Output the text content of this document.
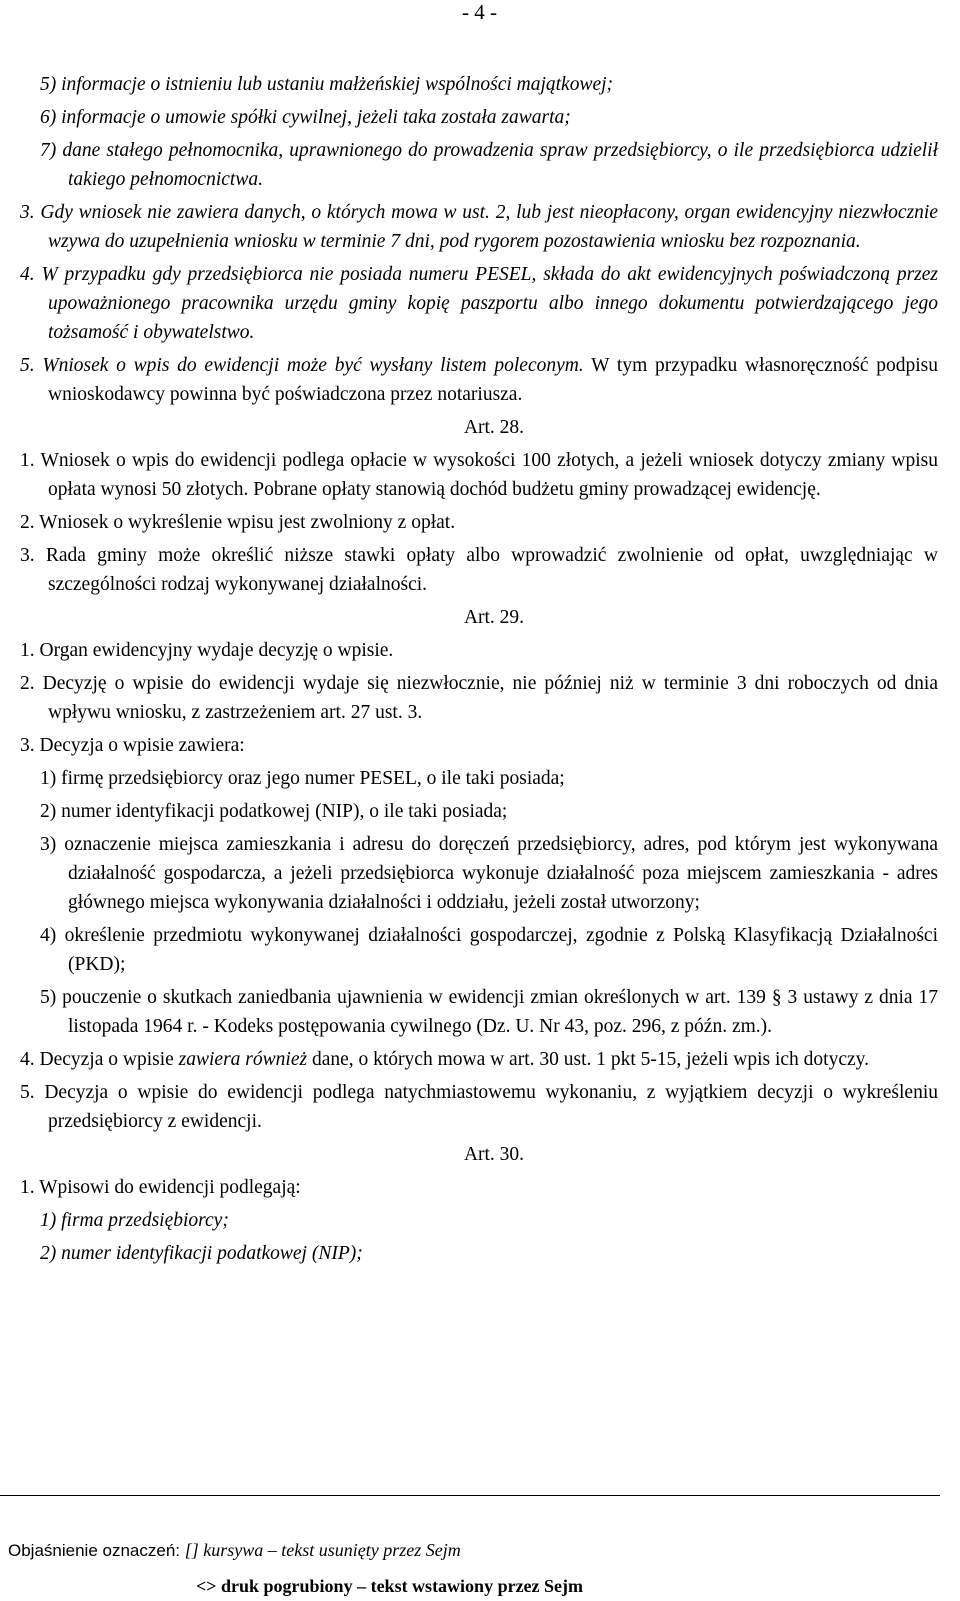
- 4 -

5) informacje o istnieniu lub ustaniu małżeńskiej wspólności majątkowej;

6) informacje o umowie spółki cywilnej, jeżeli taka została zawarta;

7) dane stałego pełnomocnika, uprawnionego do prowadzenia spraw przedsiębiorcy, o ile przedsiębiorca udzielił takiego pełnomocnictwa.

3. Gdy wniosek nie zawiera danych, o których mowa w ust. 2, lub jest nieopłacony, organ ewidencyjny niezwłocznie wzywa do uzupełnienia wniosku w terminie 7 dni, pod rygorem pozostawienia wniosku bez rozpoznania.

4. W przypadku gdy przedsiębiorca nie posiada numeru PESEL, składa do akt ewidencyjnych poświadczoną przez upoważnionego pracownika urzędu gminy kopię paszportu albo innego dokumentu potwierdzającego jego tożsamość i obywatelstwo.

5. Wniosek o wpis do ewidencji może być wysłany listem poleconym. W tym przypadku własnoręczność podpisu wnioskodawcy powinna być poświadczona przez notariusza.

Art. 28.

1. Wniosek o wpis do ewidencji podlega opłacie w wysokości 100 złotych, a jeżeli wniosek dotyczy zmiany wpisu opłata wynosi 50 złotych. Pobrane opłaty stanowią dochód budżetu gminy prowadzącej ewidencję.

2. Wniosek o wykreślenie wpisu jest zwolniony z opłat.

3. Rada gminy może określić niższe stawki opłaty albo wprowadzić zwolnienie od opłat, uwzględniając w szczególności rodzaj wykonywanej działalności.

Art. 29.

1. Organ ewidencyjny wydaje decyzję o wpisie.

2. Decyzję o wpisie do ewidencji wydaje się niezwłocznie, nie później niż w terminie 3 dni roboczych od dnia wpływu wniosku, z zastrzeżeniem art. 27 ust. 3.

3. Decyzja o wpisie zawiera:

1) firmę przedsiębiorcy oraz jego numer PESEL, o ile taki posiada;

2) numer identyfikacji podatkowej (NIP), o ile taki posiada;

3) oznaczenie miejsca zamieszkania i adresu do doręczeń przedsiębiorcy, adres, pod którym jest wykonywana działalność gospodarcza, a jeżeli przedsiębiorca wykonuje działalność poza miejscem zamieszkania - adres głównego miejsca wykonywania działalności i oddziału, jeżeli został utworzony;

4) określenie przedmiotu wykonywanej działalności gospodarczej, zgodnie z Polską Klasyfikacją Działalności (PKD);

5) pouczenie o skutkach zaniedbania ujawnienia w ewidencji zmian określonych w art. 139 § 3 ustawy z dnia 17 listopada 1964 r. - Kodeks postępowania cywilnego (Dz. U. Nr 43, poz. 296, z późn. zm.).

4. Decyzja o wpisie zawiera również dane, o których mowa w art. 30 ust. 1 pkt 5-15, jeżeli wpis ich dotyczy.

5. Decyzja o wpisie do ewidencji podlega natychmiastowemu wykonaniu, z wyjątkiem decyzji o wykreśleniu przedsiębiorcy z ewidencji.

Art. 30.

1. Wpisowi do ewidencji podlegają:

1) firma przedsiębiorcy;

2) numer identyfikacji podatkowej (NIP);

Objaśnienie oznaczeń: [] kursywa – tekst usunięty przez Sejm
<> druk pogrubiony – tekst wstawiony przez Sejm
